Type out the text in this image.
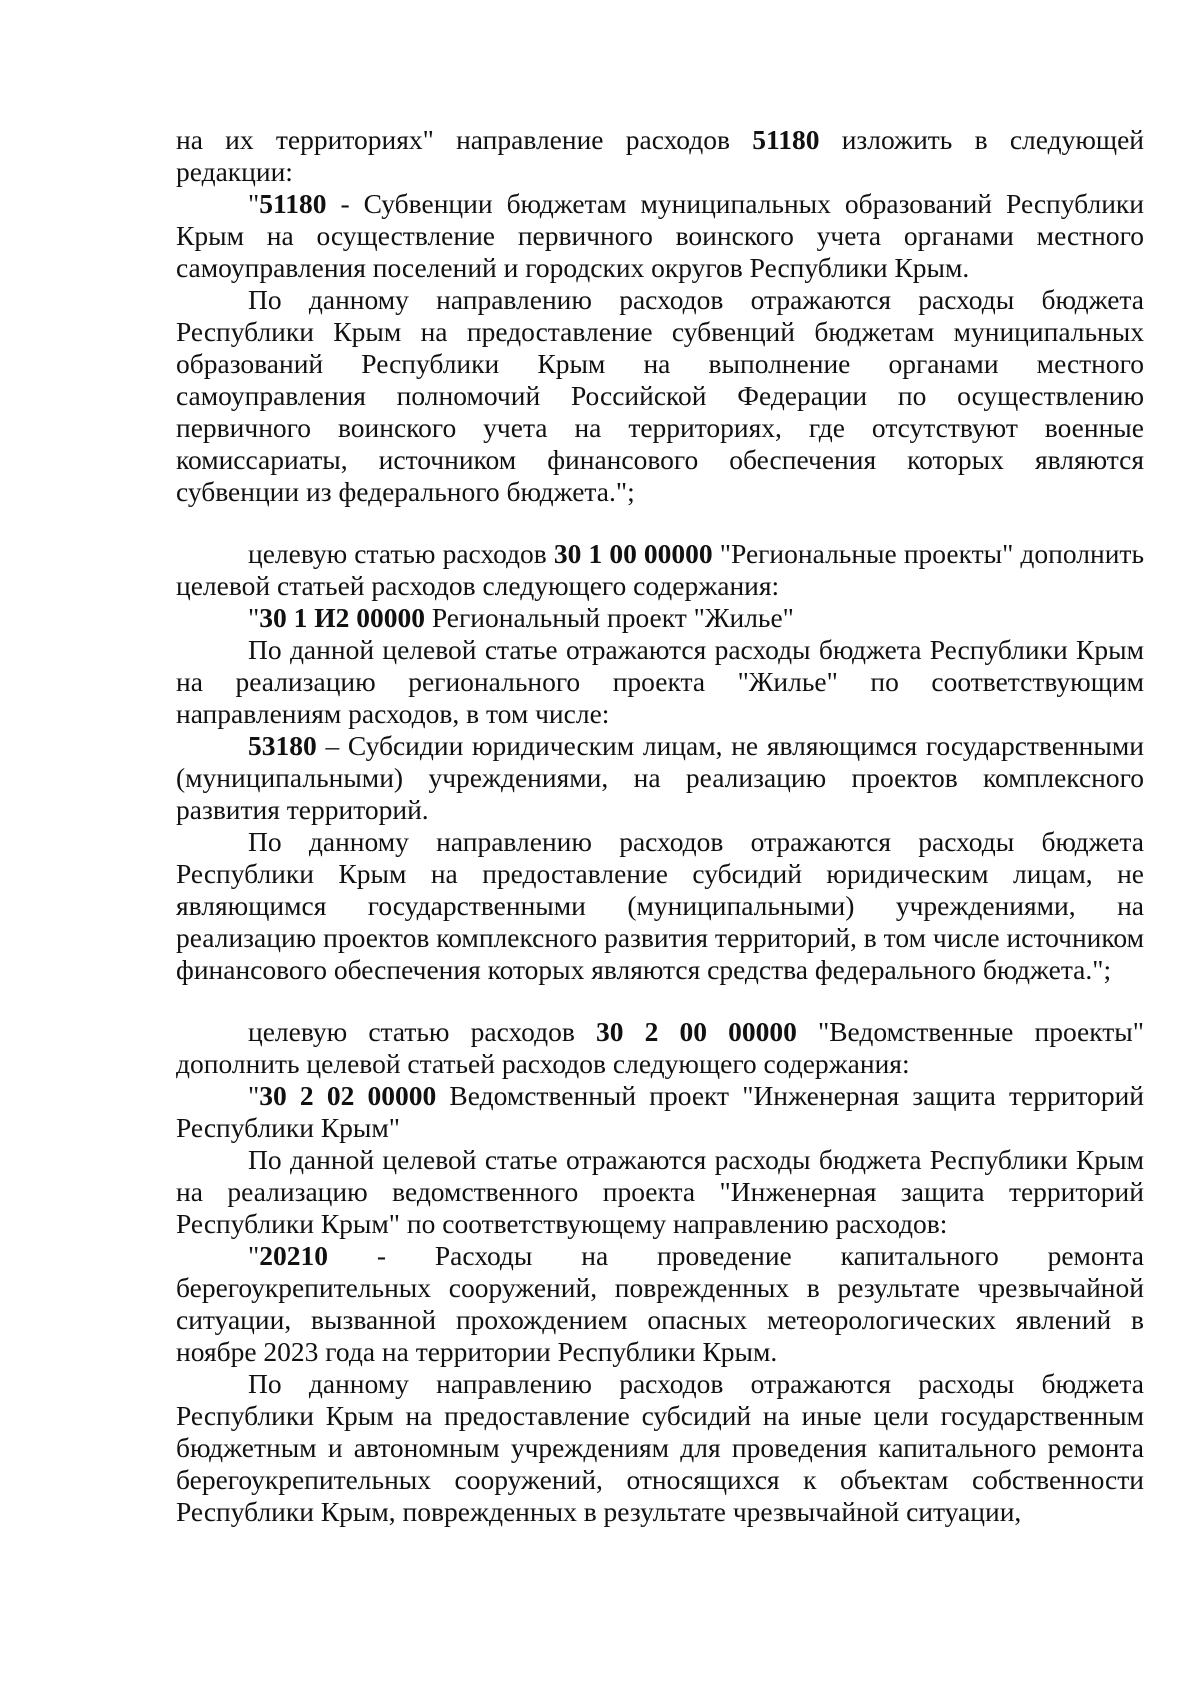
на их территориях" направление расходов 51180 изложить в следующей редакции:

"51180 - Субвенции бюджетам муниципальных образований Республики Крым на осуществление первичного воинского учета органами местного самоуправления поселений и городских округов Республики Крым.

По данному направлению расходов отражаются расходы бюджета Республики Крым на предоставление субвенций бюджетам муниципальных образований Республики Крым на выполнение органами местного самоуправления полномочий Российской Федерации по осуществлению первичного воинского учета на территориях, где отсутствуют военные комиссариаты, источником финансового обеспечения которых являются субвенции из федерального бюджета.";

целевую статью расходов 30 1 00 00000 "Региональные проекты" дополнить целевой статьей расходов следующего содержания:

"30 1 И2 00000 Региональный проект "Жилье"

По данной целевой статье отражаются расходы бюджета Республики Крым на реализацию регионального проекта "Жилье" по соответствующим направлениям расходов, в том числе:

53180 – Субсидии юридическим лицам, не являющимся государственными (муниципальными) учреждениями, на реализацию проектов комплексного развития территорий.

По данному направлению расходов отражаются расходы бюджета Республики Крым на предоставление субсидий юридическим лицам, не являющимся государственными (муниципальными) учреждениями, на реализацию проектов комплексного развития территорий, в том числе источником финансового обеспечения которых являются средства федерального бюджета.";

целевую статью расходов 30 2 00 00000 "Ведомственные проекты" дополнить целевой статьей расходов следующего содержания:

"30 2 02 00000 Ведомственный проект "Инженерная защита территорий Республики Крым"

По данной целевой статье отражаются расходы бюджета Республики Крым на реализацию ведомственного проекта "Инженерная защита территорий Республики Крым" по соответствующему направлению расходов:

"20210 - Расходы на проведение капитального ремонта берегоукрепительных сооружений, поврежденных в результате чрезвычайной ситуации, вызванной прохождением опасных метеорологических явлений в ноябре 2023 года на территории Республики Крым.

По данному направлению расходов отражаются расходы бюджета Республики Крым на предоставление субсидий на иные цели государственным бюджетным и автономным учреждениям для проведения капитального ремонта берегоукрепительных сооружений, относящихся к объектам собственности Республики Крым, поврежденных в результате чрезвычайной ситуации,
